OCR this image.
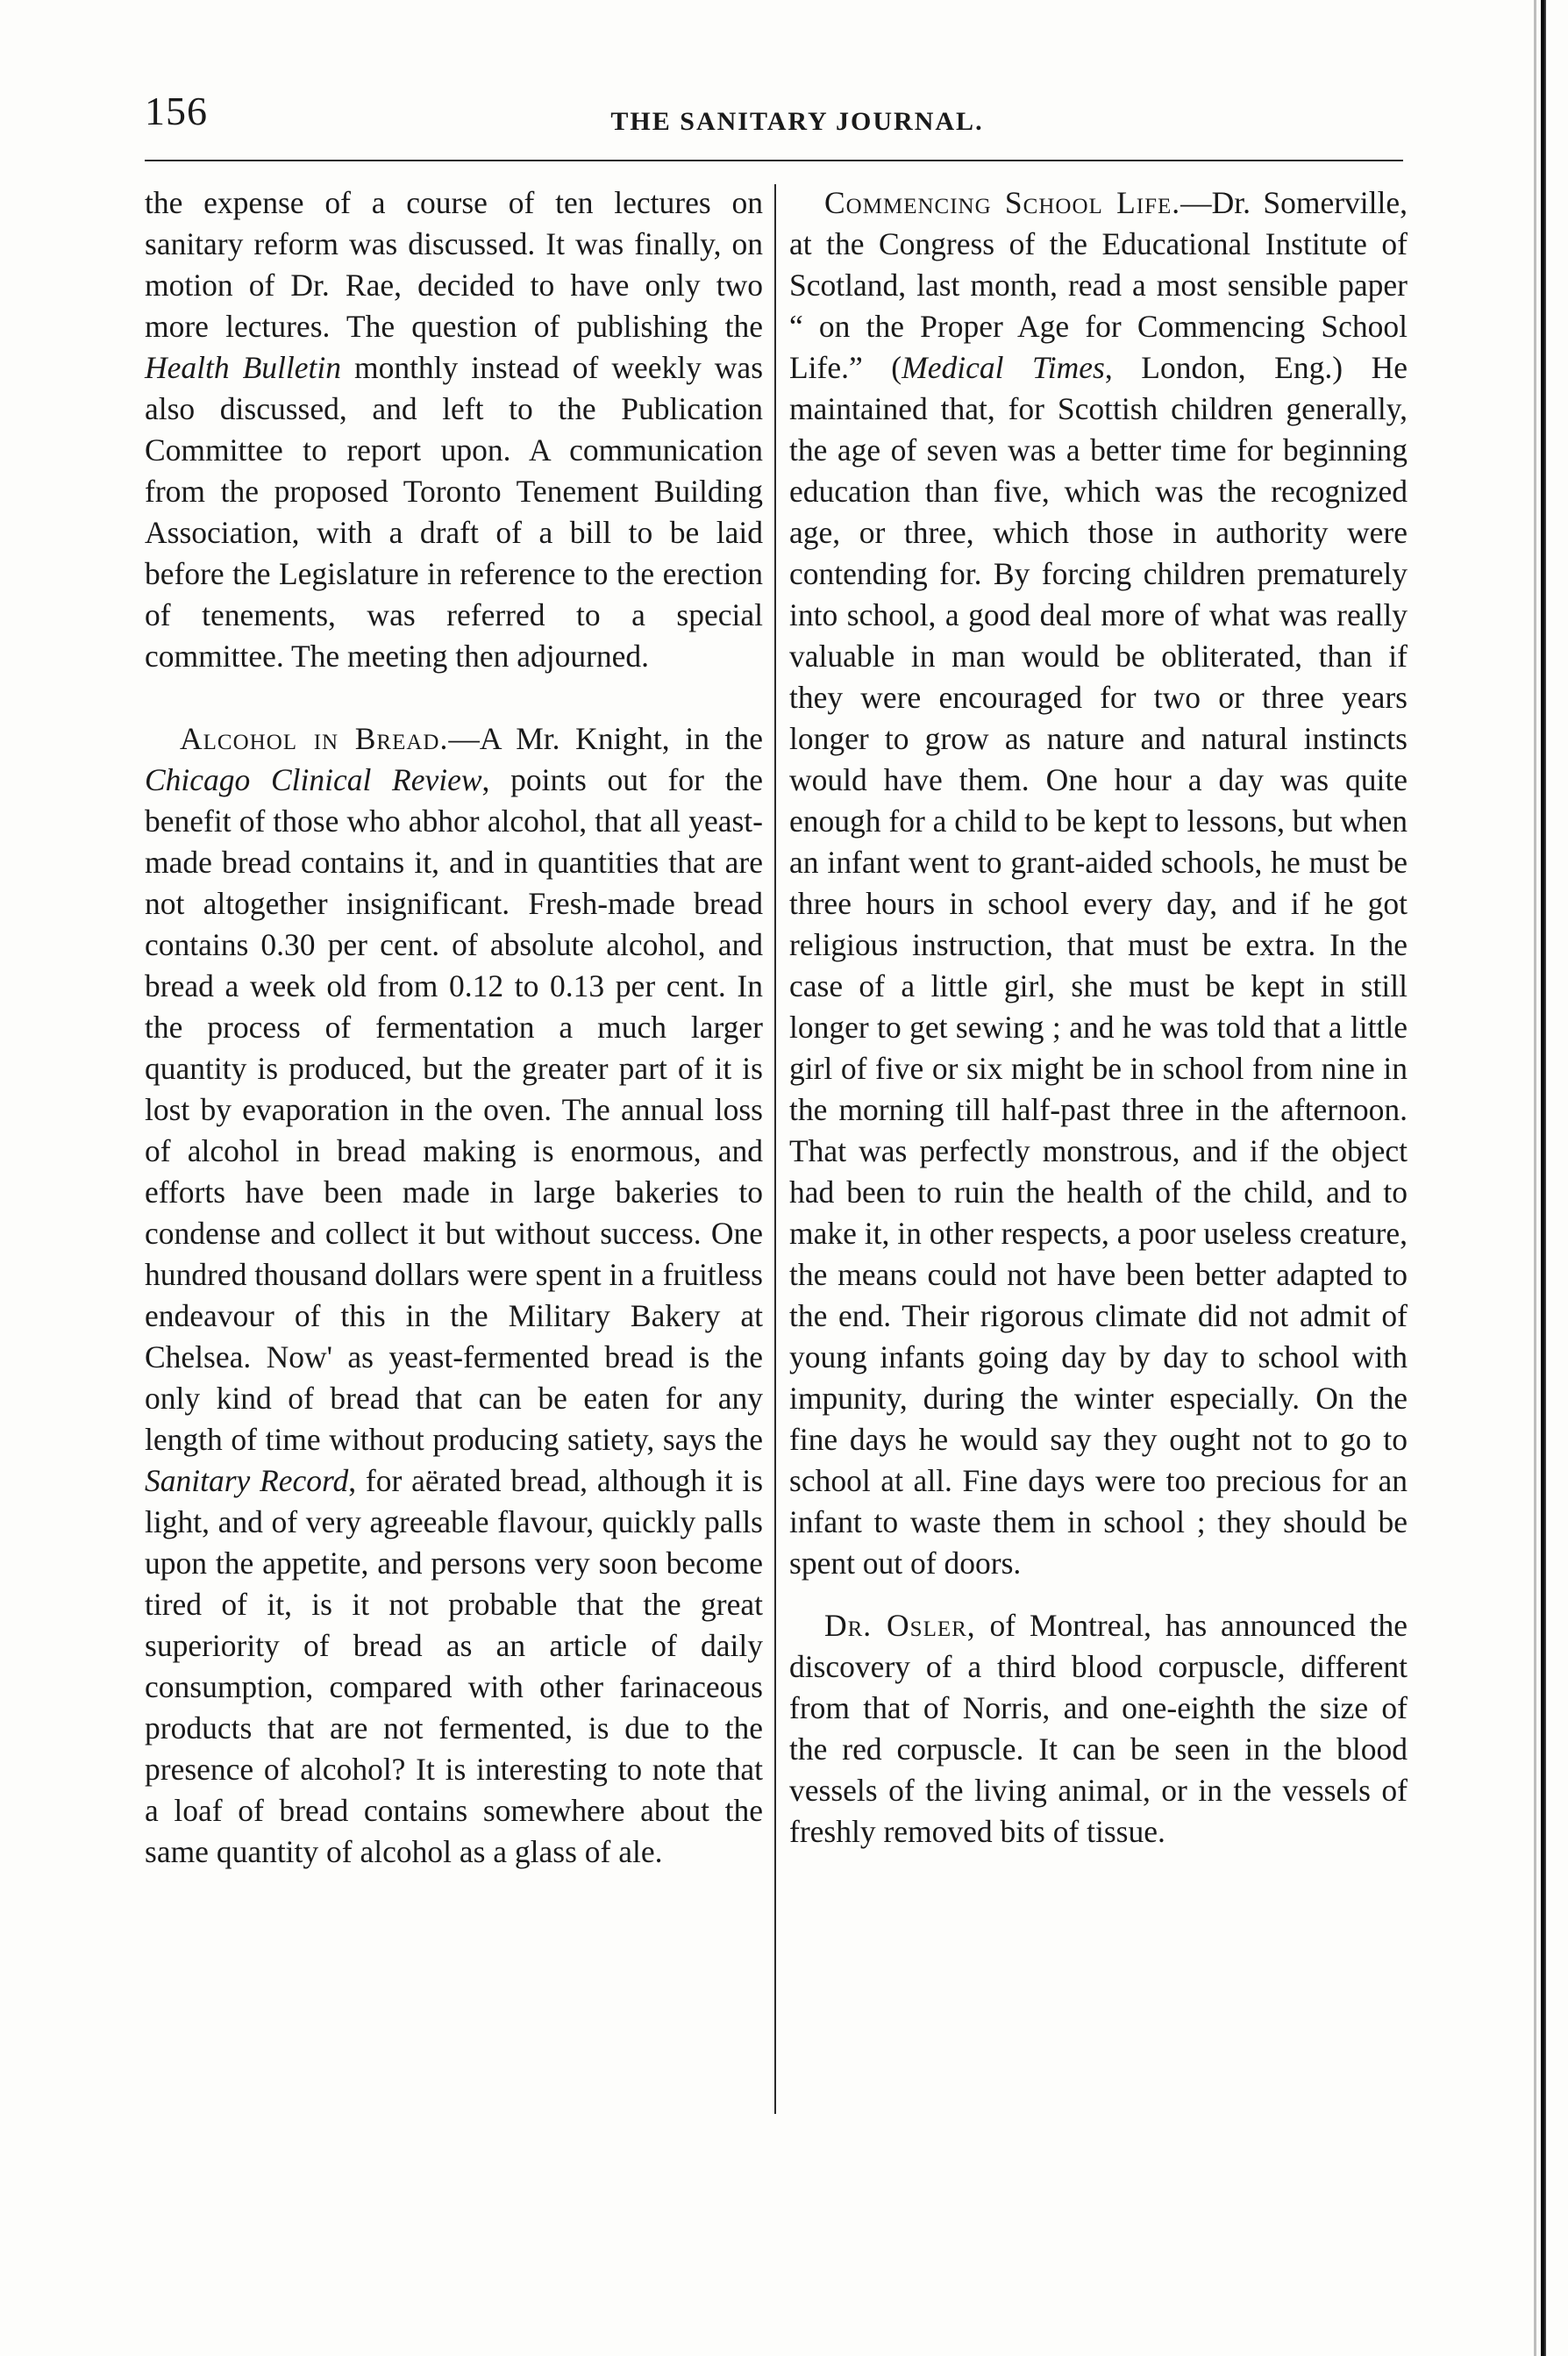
156	THE SANITARY JOURNAL.

the expense of a course of ten lectures on sanitary reform was discussed. It was finally, on motion of Dr. Rae, decided to have only two more lectures. The question of publishing the Health Bulletin monthly instead of weekly was also discussed, and left to the Publication Committee to report upon. A communication from the proposed Toronto Tenement Building Association, with a draft of a bill to be laid before the Legislature in reference to the erection of tenements, was referred to a special committee. The meeting then adjourned.

Alcohol in Bread.—A Mr. Knight, in the Chicago Clinical Review, points out for the benefit of those who abhor alcohol, that all yeast-made bread contains it, and in quantities that are not altogether insignificant. Fresh-made bread contains 0.30 per cent. of absolute alcohol, and bread a week old from 0.12 to 0.13 per cent. In the process of fermentation a much larger quantity is produced, but the greater part of it is lost by evaporation in the oven. The annual loss of alcohol in bread making is enormous, and efforts have been made in large bakeries to condense and collect it but without success. One hundred thousand dollars were spent in a fruitless endeavour of this in the Military Bakery at Chelsea. Now' as yeast-fermented bread is the only kind of bread that can be eaten for any length of time without producing satiety, says the Sanitary Record, for aërated bread, although it is light, and of very agreeable flavour, quickly palls upon the appetite, and persons very soon become tired of it, is it not probable that the great superiority of bread as an article of daily consumption, compared with other farinaceous products that are not fermented, is due to the presence of alcohol? It is interesting to note that a loaf of bread contains somewhere about the same quantity of alcohol as a glass of ale.

Commencing School Life.—Dr. Somerville, at the Congress of the Educational Institute of Scotland, last month, read a most sensible paper “ on the Proper Age for Commencing School Life.” (Medical Times, London, Eng.) He maintained that, for Scottish children generally, the age of seven was a better time for beginning education than five, which was the recognized age, or three, which those in authority were contending for. By forcing children prematurely into school, a good deal more of what was really valuable in man would be obliterated, than if they were encouraged for two or three years longer to grow as nature and natural instincts would have them. One hour a day was quite enough for a child to be kept to lessons, but when an infant went to grant-aided schools, he must be three hours in school every day, and if he got religious instruction, that must be extra. In the case of a little girl, she must be kept in still longer to get sewing ; and he was told that a little girl of five or six might be in school from nine in the morning till half-past three in the afternoon. That was perfectly monstrous, and if the object had been to ruin the health of the child, and to make it, in other respects, a poor useless creature, the means could not have been better adapted to the end. Their rigorous climate did not admit of young infants going day by day to school with impunity, during the winter especially. On the fine days he would say they ought not to go to school at all. Fine days were too precious for an infant to waste them in school ; they should be spent out of doors.

Dr. Osler, of Montreal, has announced the discovery of a third blood corpuscle, different from that of Norris, and one-eighth the size of the red corpuscle. It can be seen in the blood vessels of the living animal, or in the vessels of freshly removed bits of tissue.
